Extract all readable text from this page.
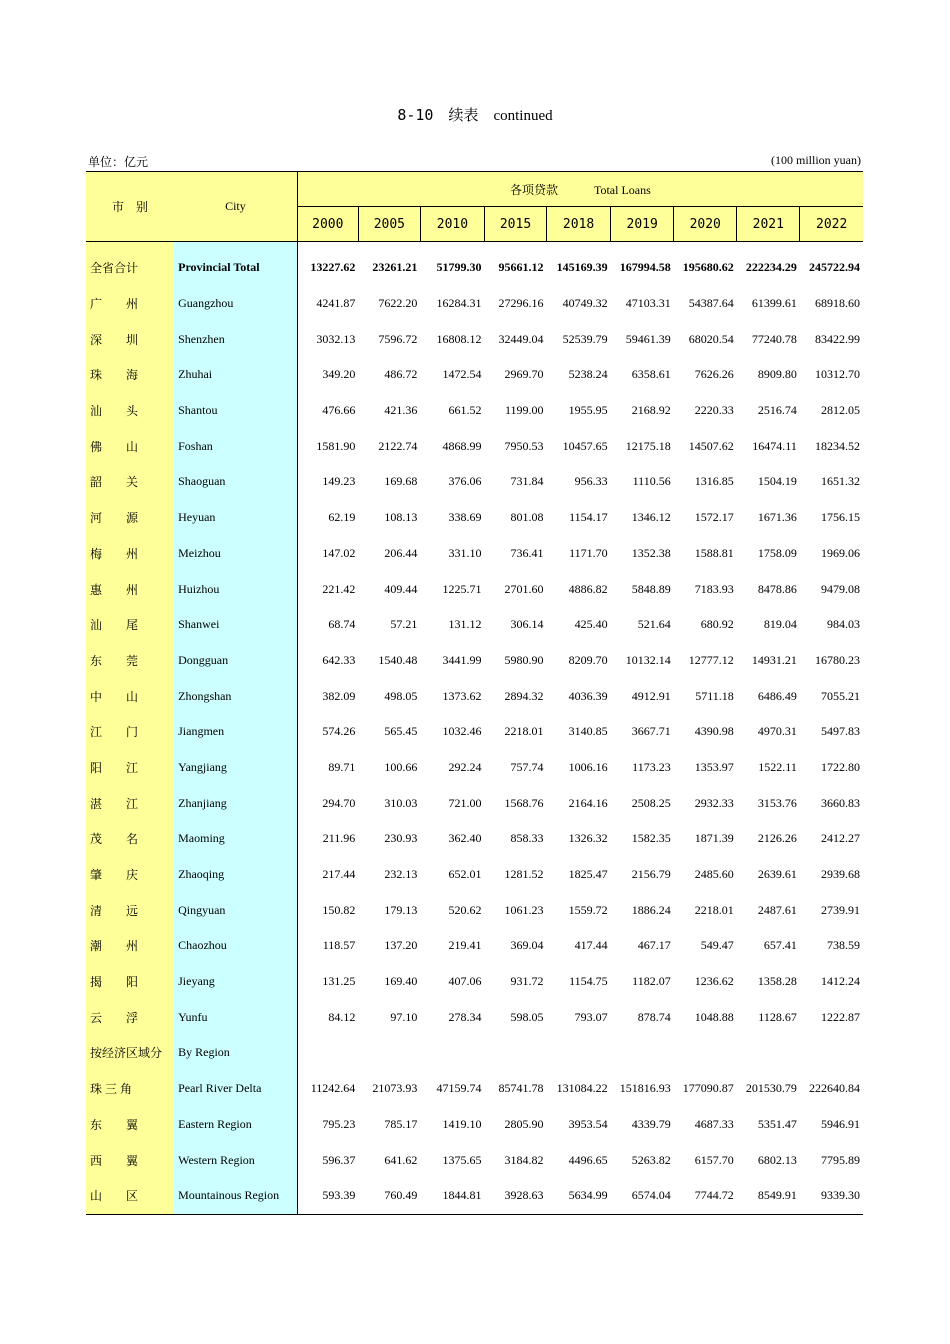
8-10 续表 continued
单位：亿元	(100 million yuan)
市　别	City	各项贷款　　　 Total Loans								
		2000	2005	2010	2015	2018	2019	2020	2021	2022

全省合计	Provincial Total	13227.62	23261.21	51799.30	95661.12	145169.39	167994.58	195680.62	222234.29	245722.94
广　　州	Guangzhou	4241.87	7622.20	16284.31	27296.16	40749.32	47103.31	54387.64	61399.61	68918.60
深　　圳	Shenzhen	3032.13	7596.72	16808.12	32449.04	52539.79	59461.39	68020.54	77240.78	83422.99
珠　　海	Zhuhai	349.20	486.72	1472.54	2969.70	5238.24	6358.61	7626.26	8909.80	10312.70
汕　　头	Shantou	476.66	421.36	661.52	1199.00	1955.95	2168.92	2220.33	2516.74	2812.05
佛　　山	Foshan	1581.90	2122.74	4868.99	7950.53	10457.65	12175.18	14507.62	16474.11	18234.52
韶　　关	Shaoguan	149.23	169.68	376.06	731.84	956.33	1110.56	1316.85	1504.19	1651.32
河　　源	Heyuan	62.19	108.13	338.69	801.08	1154.17	1346.12	1572.17	1671.36	1756.15
梅　　州	Meizhou	147.02	206.44	331.10	736.41	1171.70	1352.38	1588.81	1758.09	1969.06
惠　　州	Huizhou	221.42	409.44	1225.71	2701.60	4886.82	5848.89	7183.93	8478.86	9479.08
汕　　尾	Shanwei	68.74	57.21	131.12	306.14	425.40	521.64	680.92	819.04	984.03
东　　莞	Dongguan	642.33	1540.48	3441.99	5980.90	8209.70	10132.14	12777.12	14931.21	16780.23
中　　山	Zhongshan	382.09	498.05	1373.62	2894.32	4036.39	4912.91	5711.18	6486.49	7055.21
江　　门	Jiangmen	574.26	565.45	1032.46	2218.01	3140.85	3667.71	4390.98	4970.31	5497.83
阳　　江	Yangjiang	89.71	100.66	292.24	757.74	1006.16	1173.23	1353.97	1522.11	1722.80
湛　　江	Zhanjiang	294.70	310.03	721.00	1568.76	2164.16	2508.25	2932.33	3153.76	3660.83
茂　　名	Maoming	211.96	230.93	362.40	858.33	1326.32	1582.35	1871.39	2126.26	2412.27
肇　　庆	Zhaoqing	217.44	232.13	652.01	1281.52	1825.47	2156.79	2485.60	2639.61	2939.68
清　　远	Qingyuan	150.82	179.13	520.62	1061.23	1559.72	1886.24	2218.01	2487.61	2739.91
潮　　州	Chaozhou	118.57	137.20	219.41	369.04	417.44	467.17	549.47	657.41	738.59
揭　　阳	Jieyang	131.25	169.40	407.06	931.72	1154.75	1182.07	1236.62	1358.28	1412.24
云　　浮	Yunfu	84.12	97.10	278.34	598.05	793.07	878.74	1048.88	1128.67	1222.87
按经济区域分	By Region									
珠 三 角	Pearl River Delta	11242.64	21073.93	47159.74	85741.78	131084.22	151816.93	177090.87	201530.79	222640.84
东　　翼	Eastern Region	795.23	785.17	1419.10	2805.90	3953.54	4339.79	4687.33	5351.47	5946.91
西　　翼	Western Region	596.37	641.62	1375.65	3184.82	4496.65	5263.82	6157.70	6802.13	7795.89
山　　区	Mountainous Region	593.39	760.49	1844.81	3928.63	5634.99	6574.04	7744.72	8549.91	9339.30
